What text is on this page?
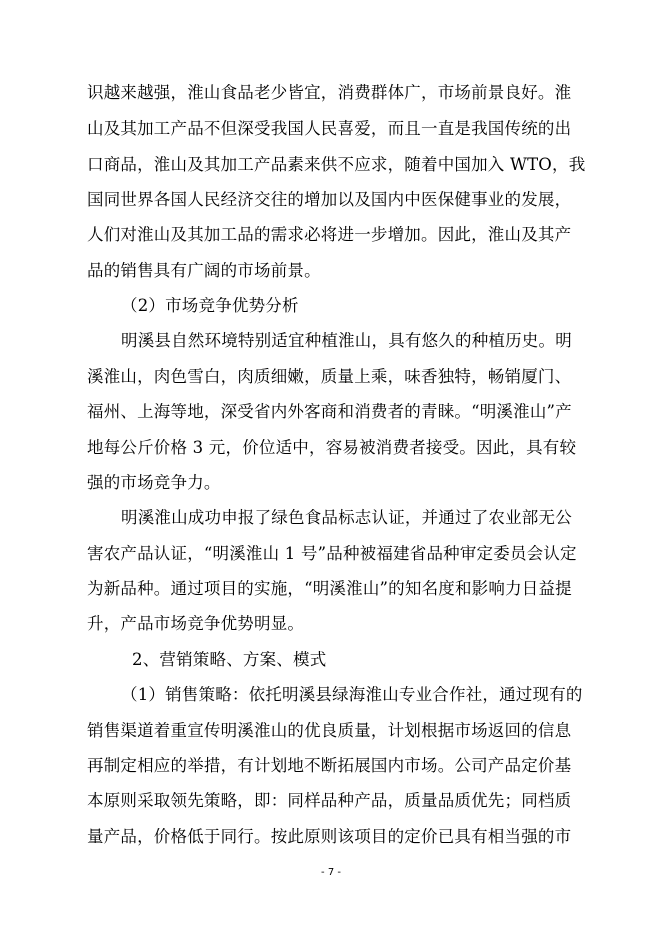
识越来越强，淮山食品老少皆宜，消费群体广，市场前景良好。淮
山及其加工产品不但深受我国人民喜爱，而且一直是我国传统的出
口商品，淮山及其加工产品素来供不应求，随着中国加入 WTO，我
国同世界各国人民经济交往的增加以及国内中医保健事业的发展，
人们对淮山及其加工品的需求必将进一步增加。因此，淮山及其产
品的销售具有广阔的市场前景。
（2）市场竞争优势分析
明溪县自然环境特别适宜种植淮山，具有悠久的种植历史。明
溪淮山，肉色雪白，肉质细嫩，质量上乘，味香独特，畅销厦门、
福州、上海等地，深受省内外客商和消费者的青睐。“明溪淮山”产
地每公斤价格 3 元，价位适中，容易被消费者接受。因此，具有较
强的市场竞争力。
明溪淮山成功申报了绿色食品标志认证，并通过了农业部无公
害农产品认证，“明溪淮山 1 号”品种被福建省品种审定委员会认定
为新品种。通过项目的实施，“明溪淮山”的知名度和影响力日益提
升，产品市场竞争优势明显。
2、营销策略、方案、模式
（1）销售策略：依托明溪县绿海淮山专业合作社，通过现有的
销售渠道着重宣传明溪淮山的优良质量，计划根据市场返回的信息
再制定相应的举措，有计划地不断拓展国内市场。公司产品定价基
本原则采取领先策略，即：同样品种产品，质量品质优先；同档质
量产品，价格低于同行。按此原则该项目的定价已具有相当强的市
- 7 -
